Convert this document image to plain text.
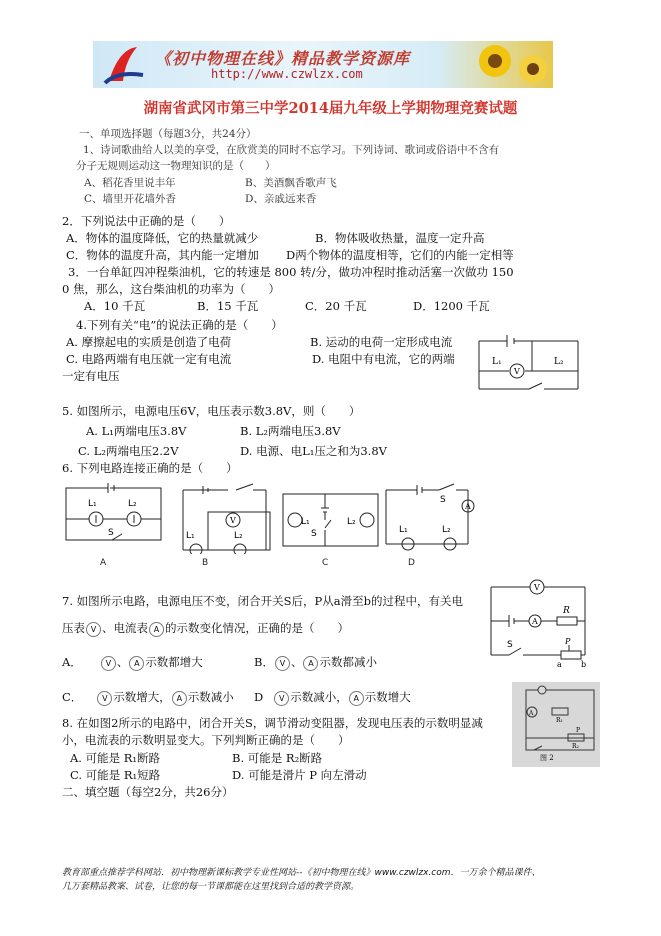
《初中物理在线》精品教学资源库
http://www.czwlzx.com
湖南省武冈市第三中学2014届九年级上学期物理竞赛试题
一、单项选择题（每题3分，共24分）
1、诗词歌曲给人以美的享受，在欣赏美的同时不忘学习。下列诗词、歌词或俗语中不含有
分子无规则运动这一物理知识的是（　　）
A、稻花香里说丰年	B、美酒飘香歌声飞
C、墙里开花墙外香	D、亲戚远来香
2．下列说法中正确的是（　　）
A．物体的温度降低，它的热量就减少	B．物体吸收热量，温度一定升高
C．物体的温度升高，其内能一定增加 D两个物体的温度相等，它们的内能一定相等
3．一台单缸四冲程柴油机，它的转速是 800 转/分，做功冲程时推动活塞一次做功 150
0 焦，那么，这台柴油机的功率为（　　）
A．10 千瓦	B．15 千瓦	C．20 千瓦	D．1200 千瓦
4.下列有关“电”的说法正确的是（　　）
A. 摩擦起电的实质是创造了电荷	B. 运动的电荷一定形成电流
C. 电路两端有电压就一定有电流	D. 电阻中有电流，它的两端
一定有电压
L₁	L₂
V
5. 如图所示，电源电压6V，电压表示数3.8V，则（　　）
A. L₁两端电压3.8V	B. L₂两端电压3.8V
C. L₂两端电压2.2V	D. 电源、电L₁压之和为3.8V
6. 下列电路连接正确的是（　　）
L₁	L₂
S
V
L₁	L₂
L₁	L₂
S
A
L₁	L₂
S
A	B	C	D
7. 如图所示电路，电源电压不变，闭合开关S后，P从a滑至b的过程中，有关电
压表 V 、电流表 A 的示数变化情况，正确的是（　　）
A．	V 、 A 示数都增大	B． V 、 A 示数都减小
C． V 示数增大， A 示数减小 D V 示数减小， A 示数增大
V
A
R
S	P
a b
A
R₁
R₂
P
图 2
8. 在如图2所示的电路中，闭合开关S，调节滑动变阻器，发现电压表的示数明显减
小，电流表的示数明显变大。下列判断正确的是（　　）
A. 可能是 R₁断路	B. 可能是 R₂断路
C. 可能是 R₁短路	D. 可能是滑片 P 向左滑动
二、填空题（每空2分，共26分）
教育部重点推荐学科网站．初中物理新课标教学专业性网站--《初中物理在线》www.czwlzx.com．一万余个精品课件、
几万套精品教案、试卷，让您的每一节课都能在这里找到合适的教学资源。
